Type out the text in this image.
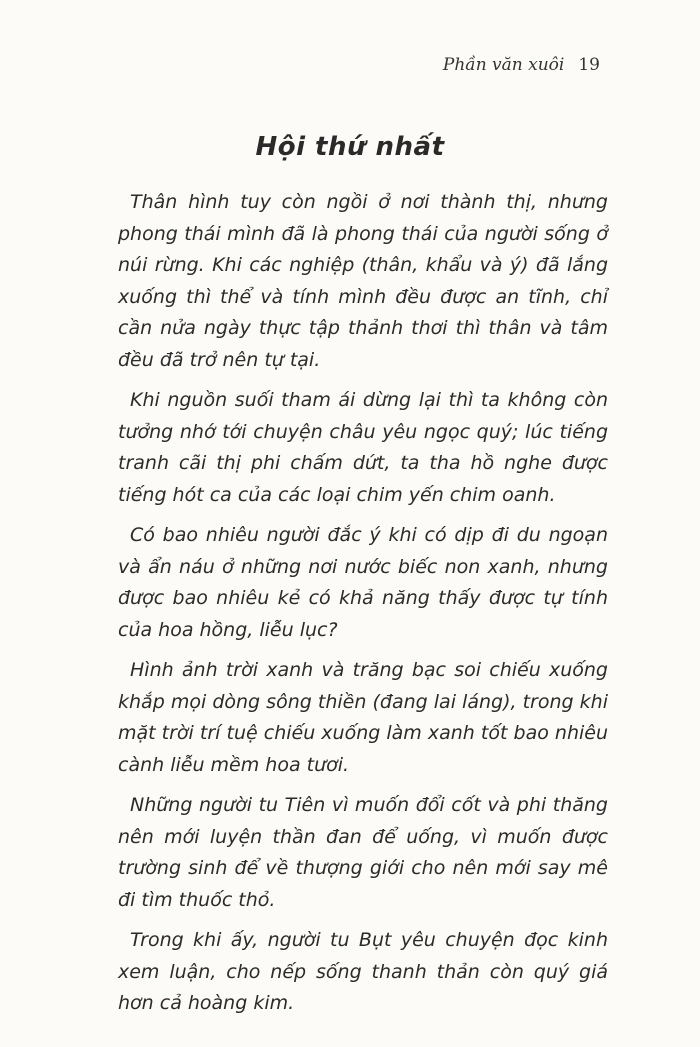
Phần văn xuôi 19
Hội thứ nhất

Thân hình tuy còn ngồi ở nơi thành thị, nhưng phong thái mình đã là phong thái của người sống ở núi rừng. Khi các nghiệp (thân, khẩu và ý) đã lắng xuống thì thể và tính mình đều được an tĩnh, chỉ cần nửa ngày thực tập thảnh thơi thì thân và tâm đều đã trở nên tự tại.

Khi nguồn suối tham ái dừng lại thì ta không còn tưởng nhớ tới chuyện châu yêu ngọc quý; lúc tiếng tranh cãi thị phi chấm dứt, ta tha hồ nghe được tiếng hót ca của các loại chim yến chim oanh.

Có bao nhiêu người đắc ý khi có dịp đi du ngoạn và ẩn náu ở những nơi nước biếc non xanh, nhưng được bao nhiêu kẻ có khả năng thấy được tự tính của hoa hồng, liễu lục?

Hình ảnh trời xanh và trăng bạc soi chiếu xuống khắp mọi dòng sông thiền (đang lai láng), trong khi mặt trời trí tuệ chiếu xuống làm xanh tốt bao nhiêu cành liễu mềm hoa tươi.

Những người tu Tiên vì muốn đổi cốt và phi thăng nên mới luyện thần đan để uống, vì muốn được trường sinh để về thượng giới cho nên mới say mê đi tìm thuốc thỏ.

Trong khi ấy, người tu Bụt yêu chuyện đọc kinh xem luận, cho nếp sống thanh thản còn quý giá hơn cả hoàng kim.
